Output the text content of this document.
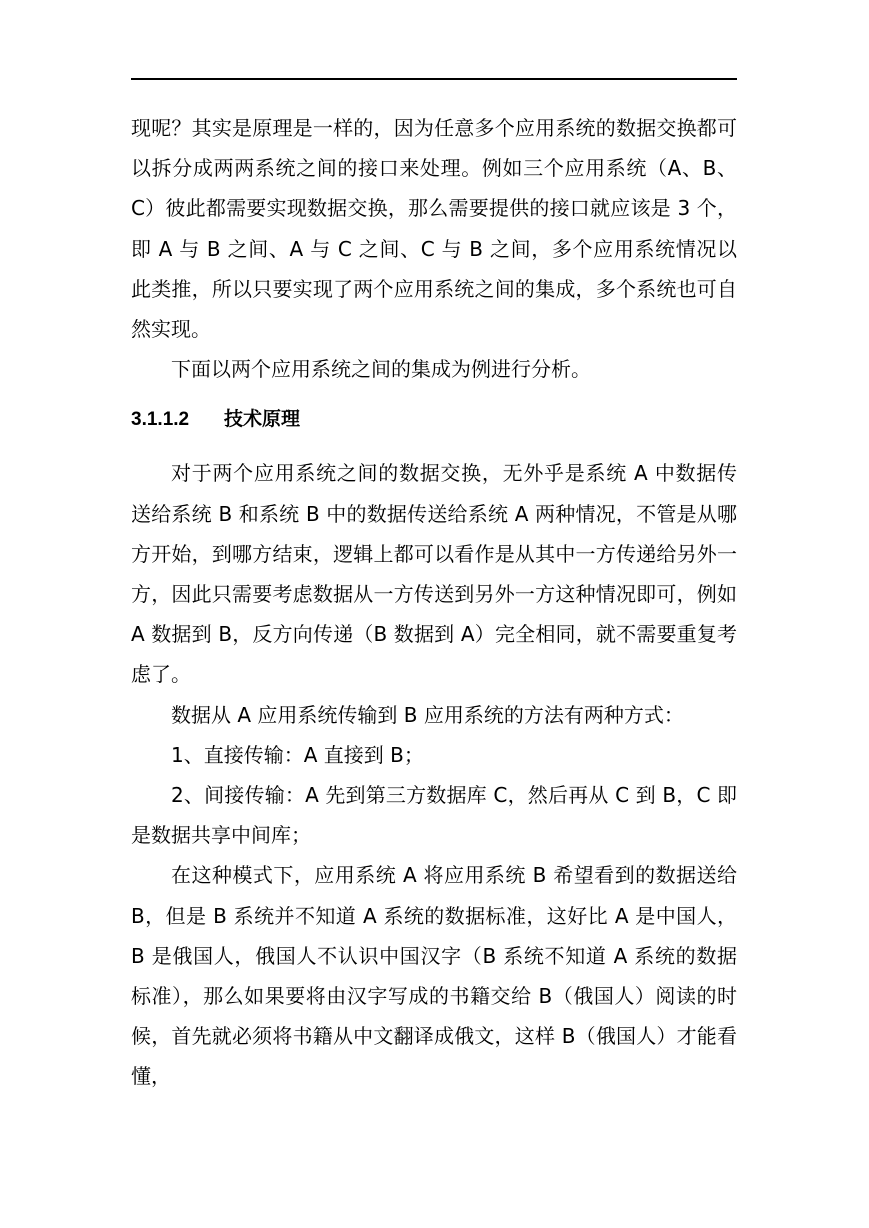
现呢？其实是原理是一样的，因为任意多个应用系统的数据交换都可以拆分成两两系统之间的接口来处理。例如三个应用系统（A、B、C）彼此都需要实现数据交换，那么需要提供的接口就应该是 3 个，即 A 与 B 之间、A 与 C 之间、C 与 B 之间，多个应用系统情况以此类推，所以只要实现了两个应用系统之间的集成，多个系统也可自然实现。

下面以两个应用系统之间的集成为例进行分析。

3.1.1.2 技术原理

对于两个应用系统之间的数据交换，无外乎是系统 A 中数据传送给系统 B 和系统 B 中的数据传送给系统 A 两种情况，不管是从哪方开始，到哪方结束，逻辑上都可以看作是从其中一方传递给另外一方，因此只需要考虑数据从一方传送到另外一方这种情况即可，例如 A 数据到 B，反方向传递（B 数据到 A）完全相同，就不需要重复考虑了。

数据从 A 应用系统传输到 B 应用系统的方法有两种方式：

1、直接传输：A 直接到 B；

2、间接传输：A 先到第三方数据库 C，然后再从 C 到 B，C 即是数据共享中间库；

在这种模式下，应用系统 A 将应用系统 B 希望看到的数据送给 B，但是 B 系统并不知道 A 系统的数据标准，这好比 A 是中国人，B 是俄国人，俄国人不认识中国汉字（B 系统不知道 A 系统的数据标准），那么如果要将由汉字写成的书籍交给 B（俄国人）阅读的时候，首先就必须将书籍从中文翻译成俄文，这样 B（俄国人）才能看懂，
